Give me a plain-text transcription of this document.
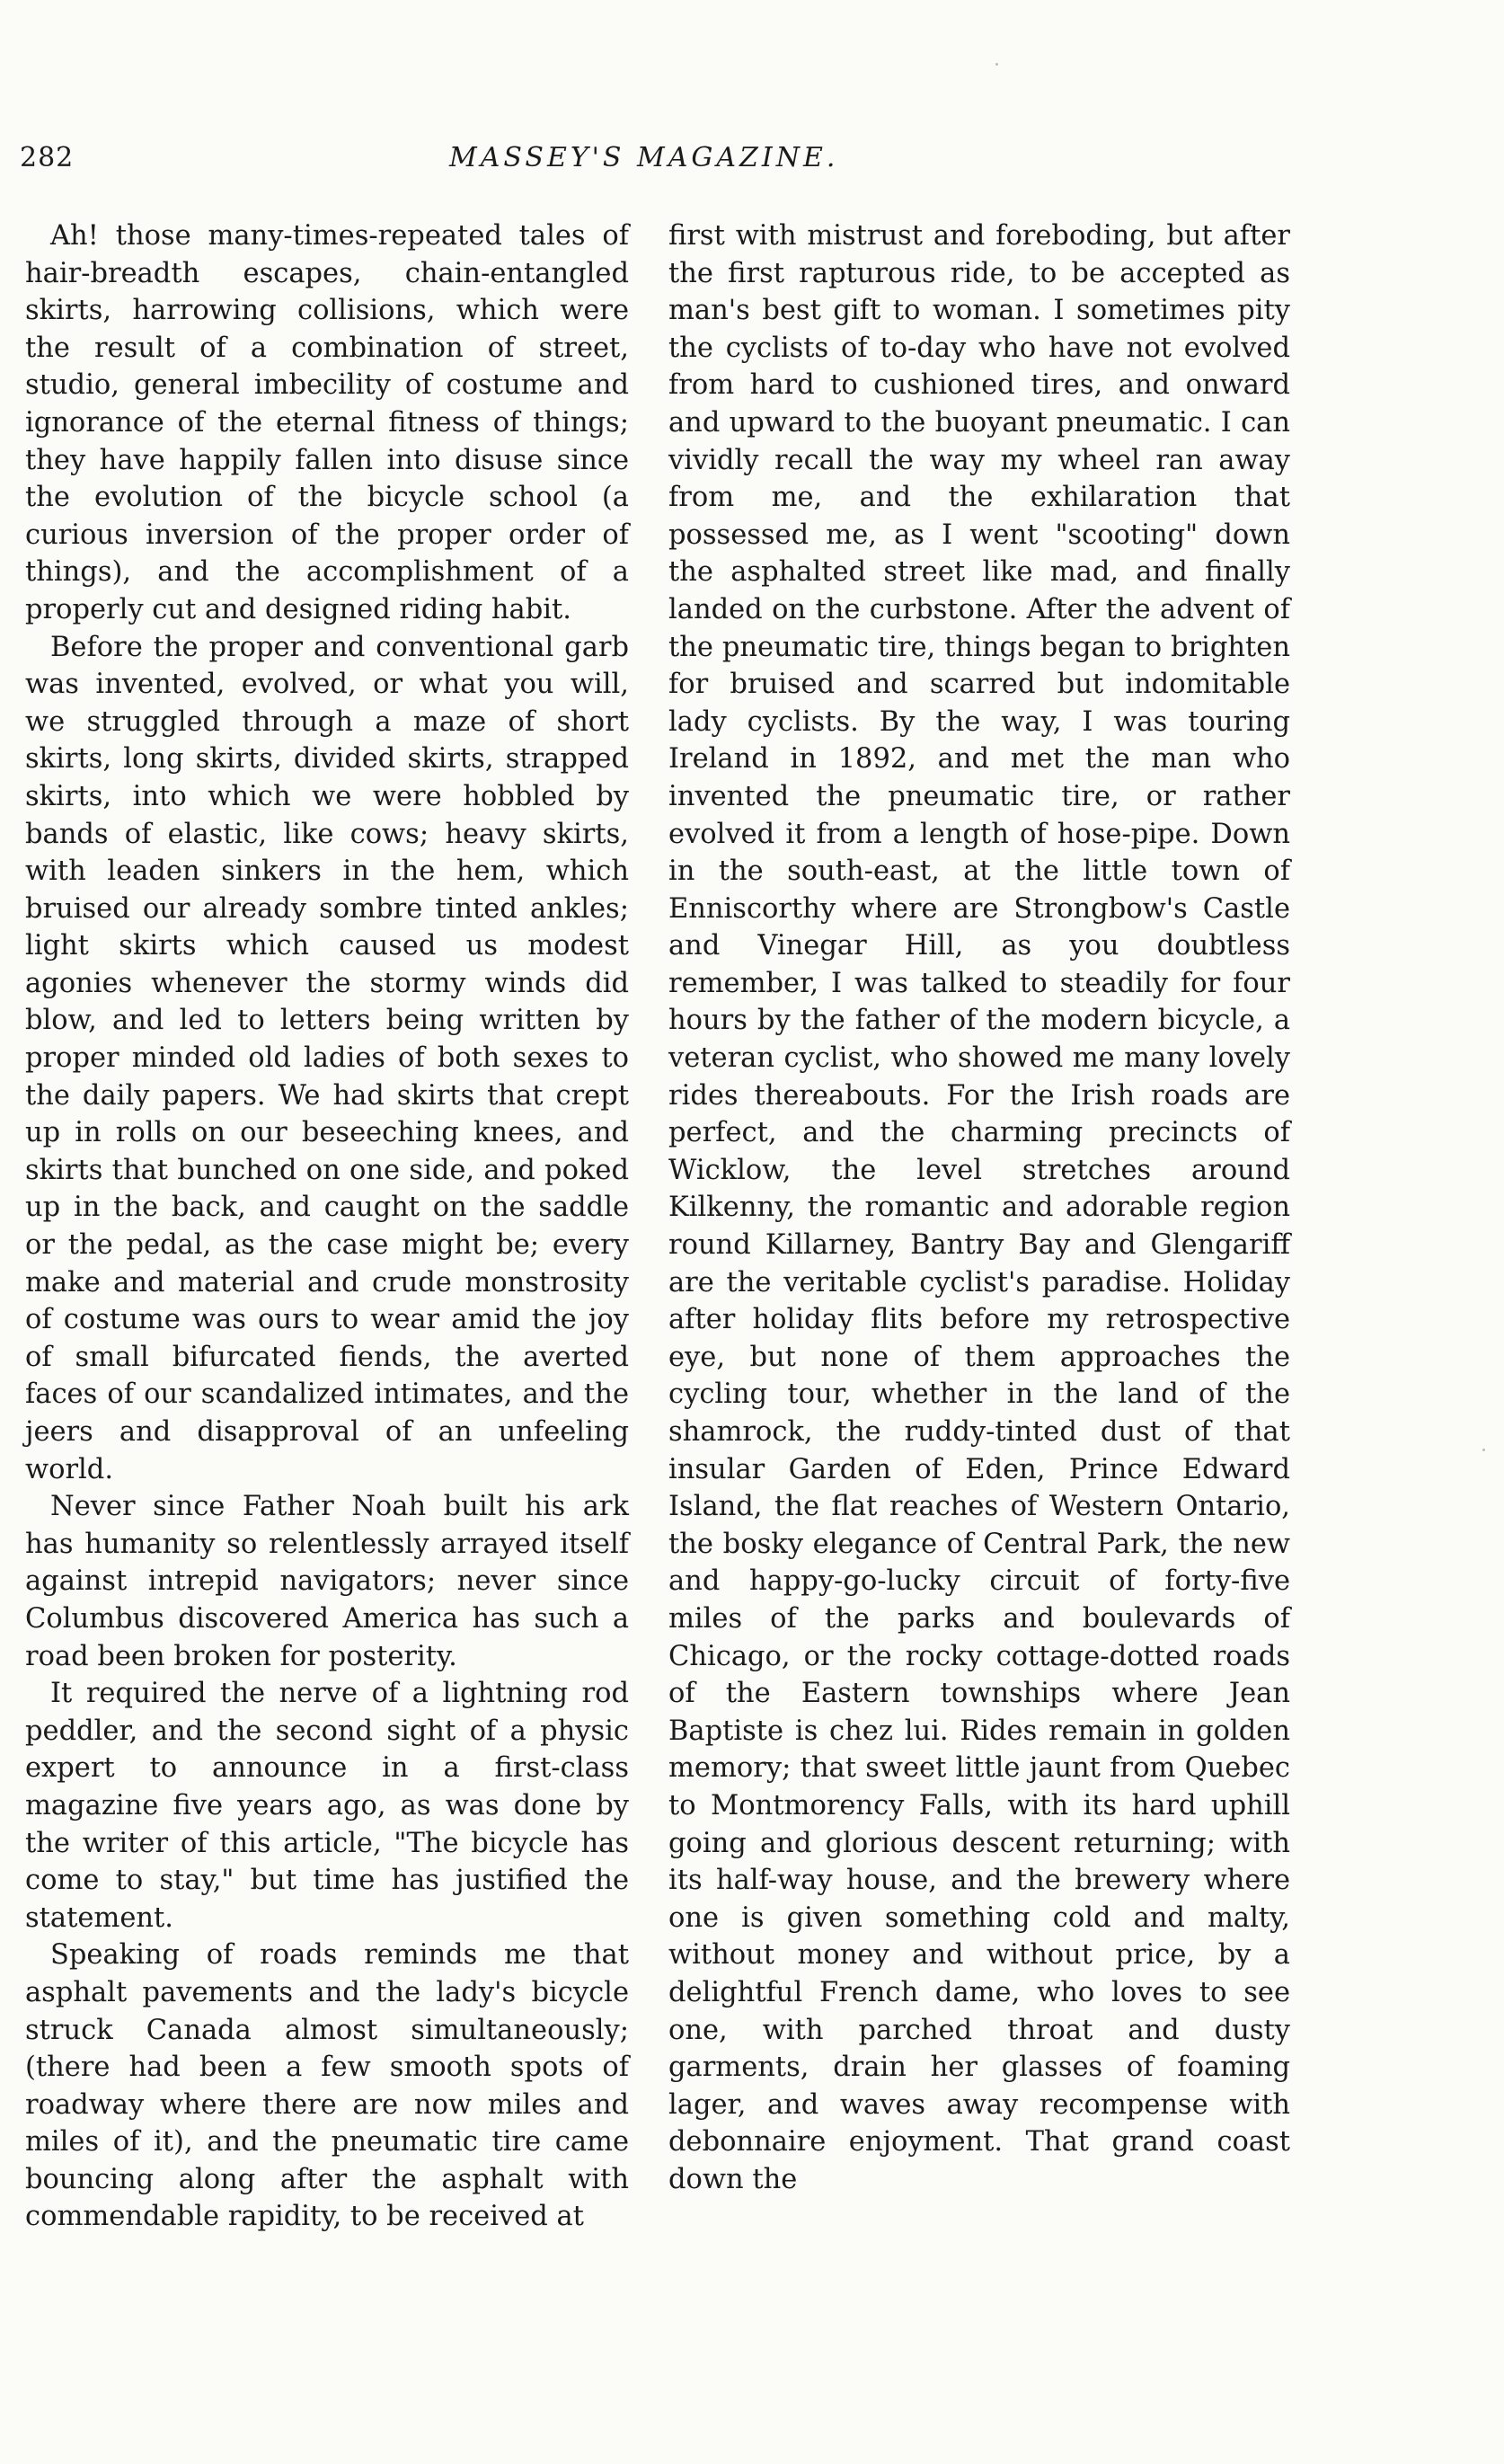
282	MASSEY'S MAGAZINE.

Ah! those many-times-repeated tales of hair-breadth escapes, chain-entangled skirts, harrowing collisions, which were the result of a combination of street, studio, general imbecility of costume and ignorance of the eternal fitness of things; they have happily fallen into disuse since the evolution of the bicycle school (a curious inversion of the proper order of things), and the accomplishment of a properly cut and designed riding habit.

Before the proper and conventional garb was invented, evolved, or what you will, we struggled through a maze of short skirts, long skirts, divided skirts, strapped skirts, into which we were hobbled by bands of elastic, like cows; heavy skirts, with leaden sinkers in the hem, which bruised our already sombre tinted ankles; light skirts which caused us modest agonies whenever the stormy winds did blow, and led to letters being written by proper minded old ladies of both sexes to the daily papers. We had skirts that crept up in rolls on our beseeching knees, and skirts that bunched on one side, and poked up in the back, and caught on the saddle or the pedal, as the case might be; every make and material and crude monstrosity of costume was ours to wear amid the joy of small bifurcated fiends, the averted faces of our scandalized intimates, and the jeers and disapproval of an unfeeling world.

Never since Father Noah built his ark has humanity so relentlessly arrayed itself against intrepid navigators; never since Columbus discovered America has such a road been broken for posterity.

It required the nerve of a lightning rod peddler, and the second sight of a physic expert to announce in a first-class magazine five years ago, as was done by the writer of this article, "The bicycle has come to stay," but time has justified the statement.

Speaking of roads reminds me that asphalt pavements and the lady's bicycle struck Canada almost simultaneously; (there had been a few smooth spots of roadway where there are now miles and miles of it), and the pneumatic tire came bouncing along after the asphalt with commendable rapidity, to be received at

first with mistrust and foreboding, but after the first rapturous ride, to be accepted as man's best gift to woman. I sometimes pity the cyclists of to-day who have not evolved from hard to cushioned tires, and onward and upward to the buoyant pneumatic. I can vividly recall the way my wheel ran away from me, and the exhilaration that possessed me, as I went "scooting" down the asphalted street like mad, and finally landed on the curbstone. After the advent of the pneumatic tire, things began to brighten for bruised and scarred but indomitable lady cyclists. By the way, I was touring Ireland in 1892, and met the man who invented the pneumatic tire, or rather evolved it from a length of hose-pipe. Down in the south-east, at the little town of Enniscorthy where are Strongbow's Castle and Vinegar Hill, as you doubtless remember, I was talked to steadily for four hours by the father of the modern bicycle, a veteran cyclist, who showed me many lovely rides thereabouts. For the Irish roads are perfect, and the charming precincts of Wicklow, the level stretches around Kilkenny, the romantic and adorable region round Killarney, Bantry Bay and Glengariff are the veritable cyclist's paradise. Holiday after holiday flits before my retrospective eye, but none of them approaches the cycling tour, whether in the land of the shamrock, the ruddy-tinted dust of that insular Garden of Eden, Prince Edward Island, the flat reaches of Western Ontario, the bosky elegance of Central Park, the new and happy-go-lucky circuit of forty-five miles of the parks and boulevards of Chicago, or the rocky cottage-dotted roads of the Eastern townships where Jean Baptiste is chez lui. Rides remain in golden memory; that sweet little jaunt from Quebec to Montmorency Falls, with its hard uphill going and glorious descent returning; with its half-way house, and the brewery where one is given something cold and malty, without money and without price, by a delightful French dame, who loves to see one, with parched throat and dusty garments, drain her glasses of foaming lager, and waves away recompense with debonnaire enjoyment. That grand coast down the
